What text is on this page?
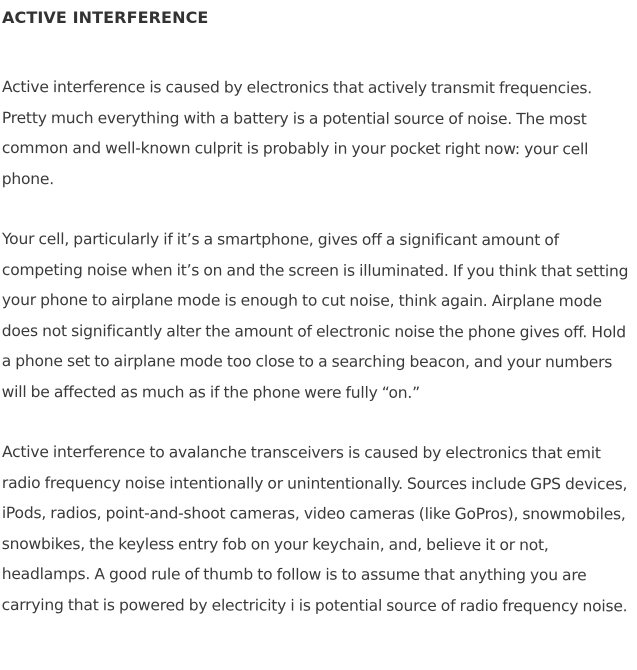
ACTIVE INTERFERENCE

Active interference is caused by electronics that actively transmit frequencies. Pretty much everything with a battery is a potential source of noise. The most common and well-known culprit is probably in your pocket right now: your cell phone.

Your cell, particularly if it’s a smartphone, gives off a significant amount of competing noise when it’s on and the screen is illuminated. If you think that setting your phone to airplane mode is enough to cut noise, think again. Airplane mode does not significantly alter the amount of electronic noise the phone gives off. Hold a phone set to airplane mode too close to a searching beacon, and your numbers will be affected as much as if the phone were fully “on.”

Active interference to avalanche transceivers is caused by electronics that emit radio frequency noise intentionally or unintentionally. Sources include GPS devices, iPods, radios, point-and-shoot cameras, video cameras (like GoPros), snowmobiles, snowbikes, the keyless entry fob on your keychain, and, believe it or not, headlamps. A good rule of thumb to follow is to assume that anything you are carrying that is powered by electricity i is potential source of radio frequency noise.
